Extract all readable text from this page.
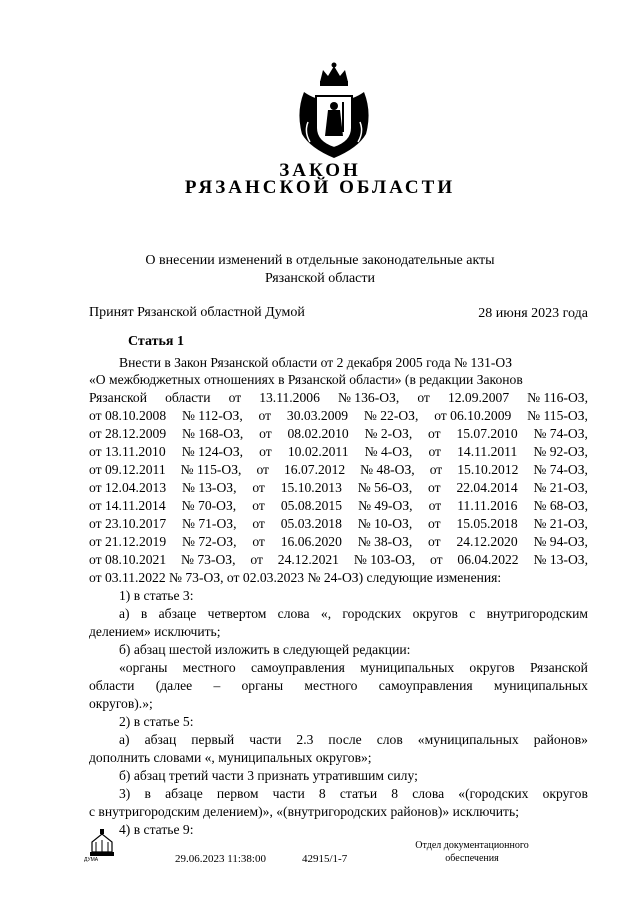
ЗАКОН
РЯЗАНСКОЙ ОБЛАСТИ
О внесении изменений в отдельные законодательные акты
Рязанской области
Принят Рязанской областной Думой	28 июня 2023 года
Статья 1
Внести в Закон Рязанской области от 2 декабря 2005 года № 131-ОЗ
«О межбюджетных отношениях в Рязанской области» (в редакции Законов
Рязанской области от 13.11.2006 № 136-ОЗ, от 12.09.2007 № 116-ОЗ,
от 08.10.2008 № 112-ОЗ, от 30.03.2009 № 22-ОЗ, от 06.10.2009 № 115-ОЗ,
от 28.12.2009 № 168-ОЗ, от 08.02.2010 № 2-ОЗ, от 15.07.2010 № 74-ОЗ,
от 13.11.2010 № 124-ОЗ, от 10.02.2011 № 4-ОЗ, от 14.11.2011 № 92-ОЗ,
от 09.12.2011 № 115-ОЗ, от 16.07.2012 № 48-ОЗ, от 15.10.2012 № 74-ОЗ,
от 12.04.2013 № 13-ОЗ, от 15.10.2013 № 56-ОЗ, от 22.04.2014 № 21-ОЗ,
от 14.11.2014 № 70-ОЗ, от 05.08.2015 № 49-ОЗ, от 11.11.2016 № 68-ОЗ,
от 23.10.2017 № 71-ОЗ, от 05.03.2018 № 10-ОЗ, от 15.05.2018 № 21-ОЗ,
от 21.12.2019 № 72-ОЗ, от 16.06.2020 № 38-ОЗ, от 24.12.2020 № 94-ОЗ,
от 08.10.2021 № 73-ОЗ, от 24.12.2021 № 103-ОЗ, от 06.04.2022 № 13-ОЗ,
от 03.11.2022 № 73-ОЗ, от 02.03.2023 № 24-ОЗ) следующие изменения:
1) в статье 3:
а) в абзаце четвертом слова «, городских округов с внутригородским
делением» исключить;
б) абзац шестой изложить в следующей редакции:
«органы местного самоуправления муниципальных округов Рязанской
области (далее – органы местного самоуправления муниципальных
округов).»;
2) в статье 5:
а) абзац первый части 2.3 после слов «муниципальных районов»
дополнить словами «, муниципальных округов»;
б) абзац третий части 3 признать утратившим силу;
3) в абзаце первом части 8 статьи 8 слова «(городских округов
с внутригородским делением)», «(внутригородских районов)» исключить;
4) в статье 9:
ДУМА	29.06.2023 11:38:00	42915/1-7
Отдел документационного
обеспечения
